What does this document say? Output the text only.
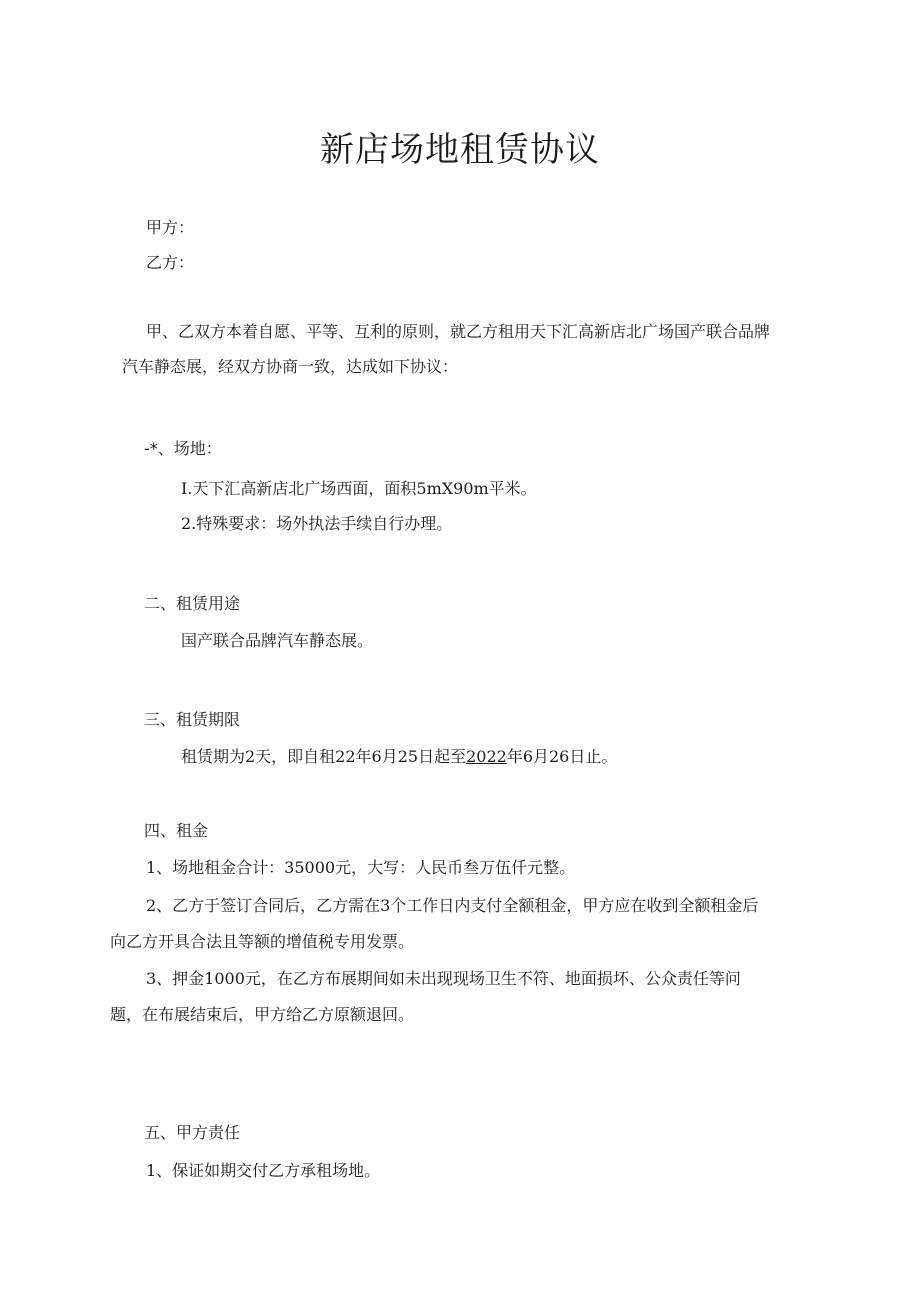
新店场地租赁协议
甲方：
乙方：
甲、乙双方本着自愿、平等、互利的原则，就乙方租用天下汇高新店北广场国产联合品牌
汽车静态展，经双方协商一致，达成如下协议：
-*、场地：
I.天下汇高新店北广场西面，面积5mX90m平米。
2.特殊要求：场外执法手续自行办理。
二、租赁用途
国产联合品牌汽车静态展。
三、租赁期限
租赁期为2天，即自租22年6月25日起至2022年6月26日止。
四、租金
1、场地租金合计：35000元，大写：人民币叁万伍仟元整。
2、乙方于签订合同后，乙方需在3个工作日内支付全额租金，甲方应在收到全额租金后
向乙方开具合法且等额的增值税专用发票。
3、押金1000元，在乙方布展期间如未出现现场卫生不符、地面损坏、公众责任等问
题，在布展结束后，甲方给乙方原额退回。
五、甲方责任
1、保证如期交付乙方承租场地。
